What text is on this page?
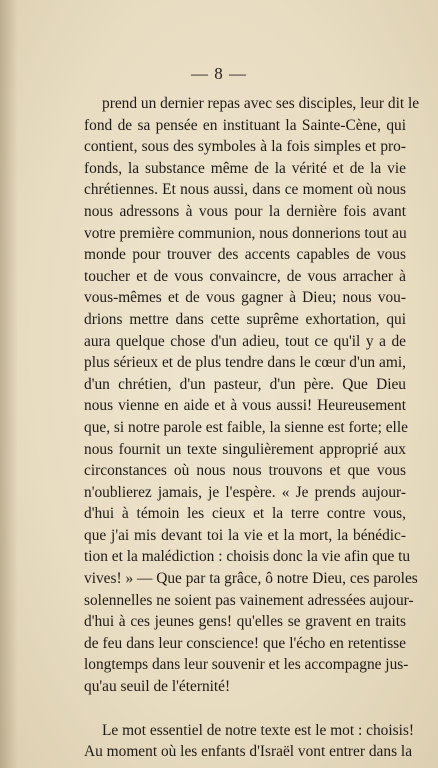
— 8 —
prend un dernier repas avec ses disciples, leur dit le
fond de sa pensée en instituant la Sainte-Cène, qui
contient, sous des symboles à la fois simples et pro-
fonds, la substance même de la vérité et de la vie
chrétiennes. Et nous aussi, dans ce moment où nous
nous adressons à vous pour la dernière fois avant
votre première communion, nous donnerions tout au
monde pour trouver des accents capables de vous
toucher et de vous convaincre, de vous arracher à
vous-mêmes et de vous gagner à Dieu; nous vou-
drions mettre dans cette suprême exhortation, qui
aura quelque chose d'un adieu, tout ce qu'il y a de
plus sérieux et de plus tendre dans le cœur d'un ami,
d'un chrétien, d'un pasteur, d'un père. Que Dieu
nous vienne en aide et à vous aussi! Heureusement
que, si notre parole est faible, la sienne est forte; elle
nous fournit un texte singulièrement approprié aux
circonstances où nous nous trouvons et que vous
n'oublierez jamais, je l'espère. « Je prends aujour-
d'hui à témoin les cieux et la terre contre vous,
que j'ai mis devant toi la vie et la mort, la bénédic-
tion et la malédiction : choisis donc la vie afin que tu
vives! » — Que par ta grâce, ô notre Dieu, ces paroles
solennelles ne soient pas vainement adressées aujour-
d'hui à ces jeunes gens! qu'elles se gravent en traits
de feu dans leur conscience! que l'écho en retentisse
longtemps dans leur souvenir et les accompagne jus-
qu'au seuil de l'éternité!
Le mot essentiel de notre texte est le mot : choisis!
Au moment où les enfants d'Israël vont entrer dans la
